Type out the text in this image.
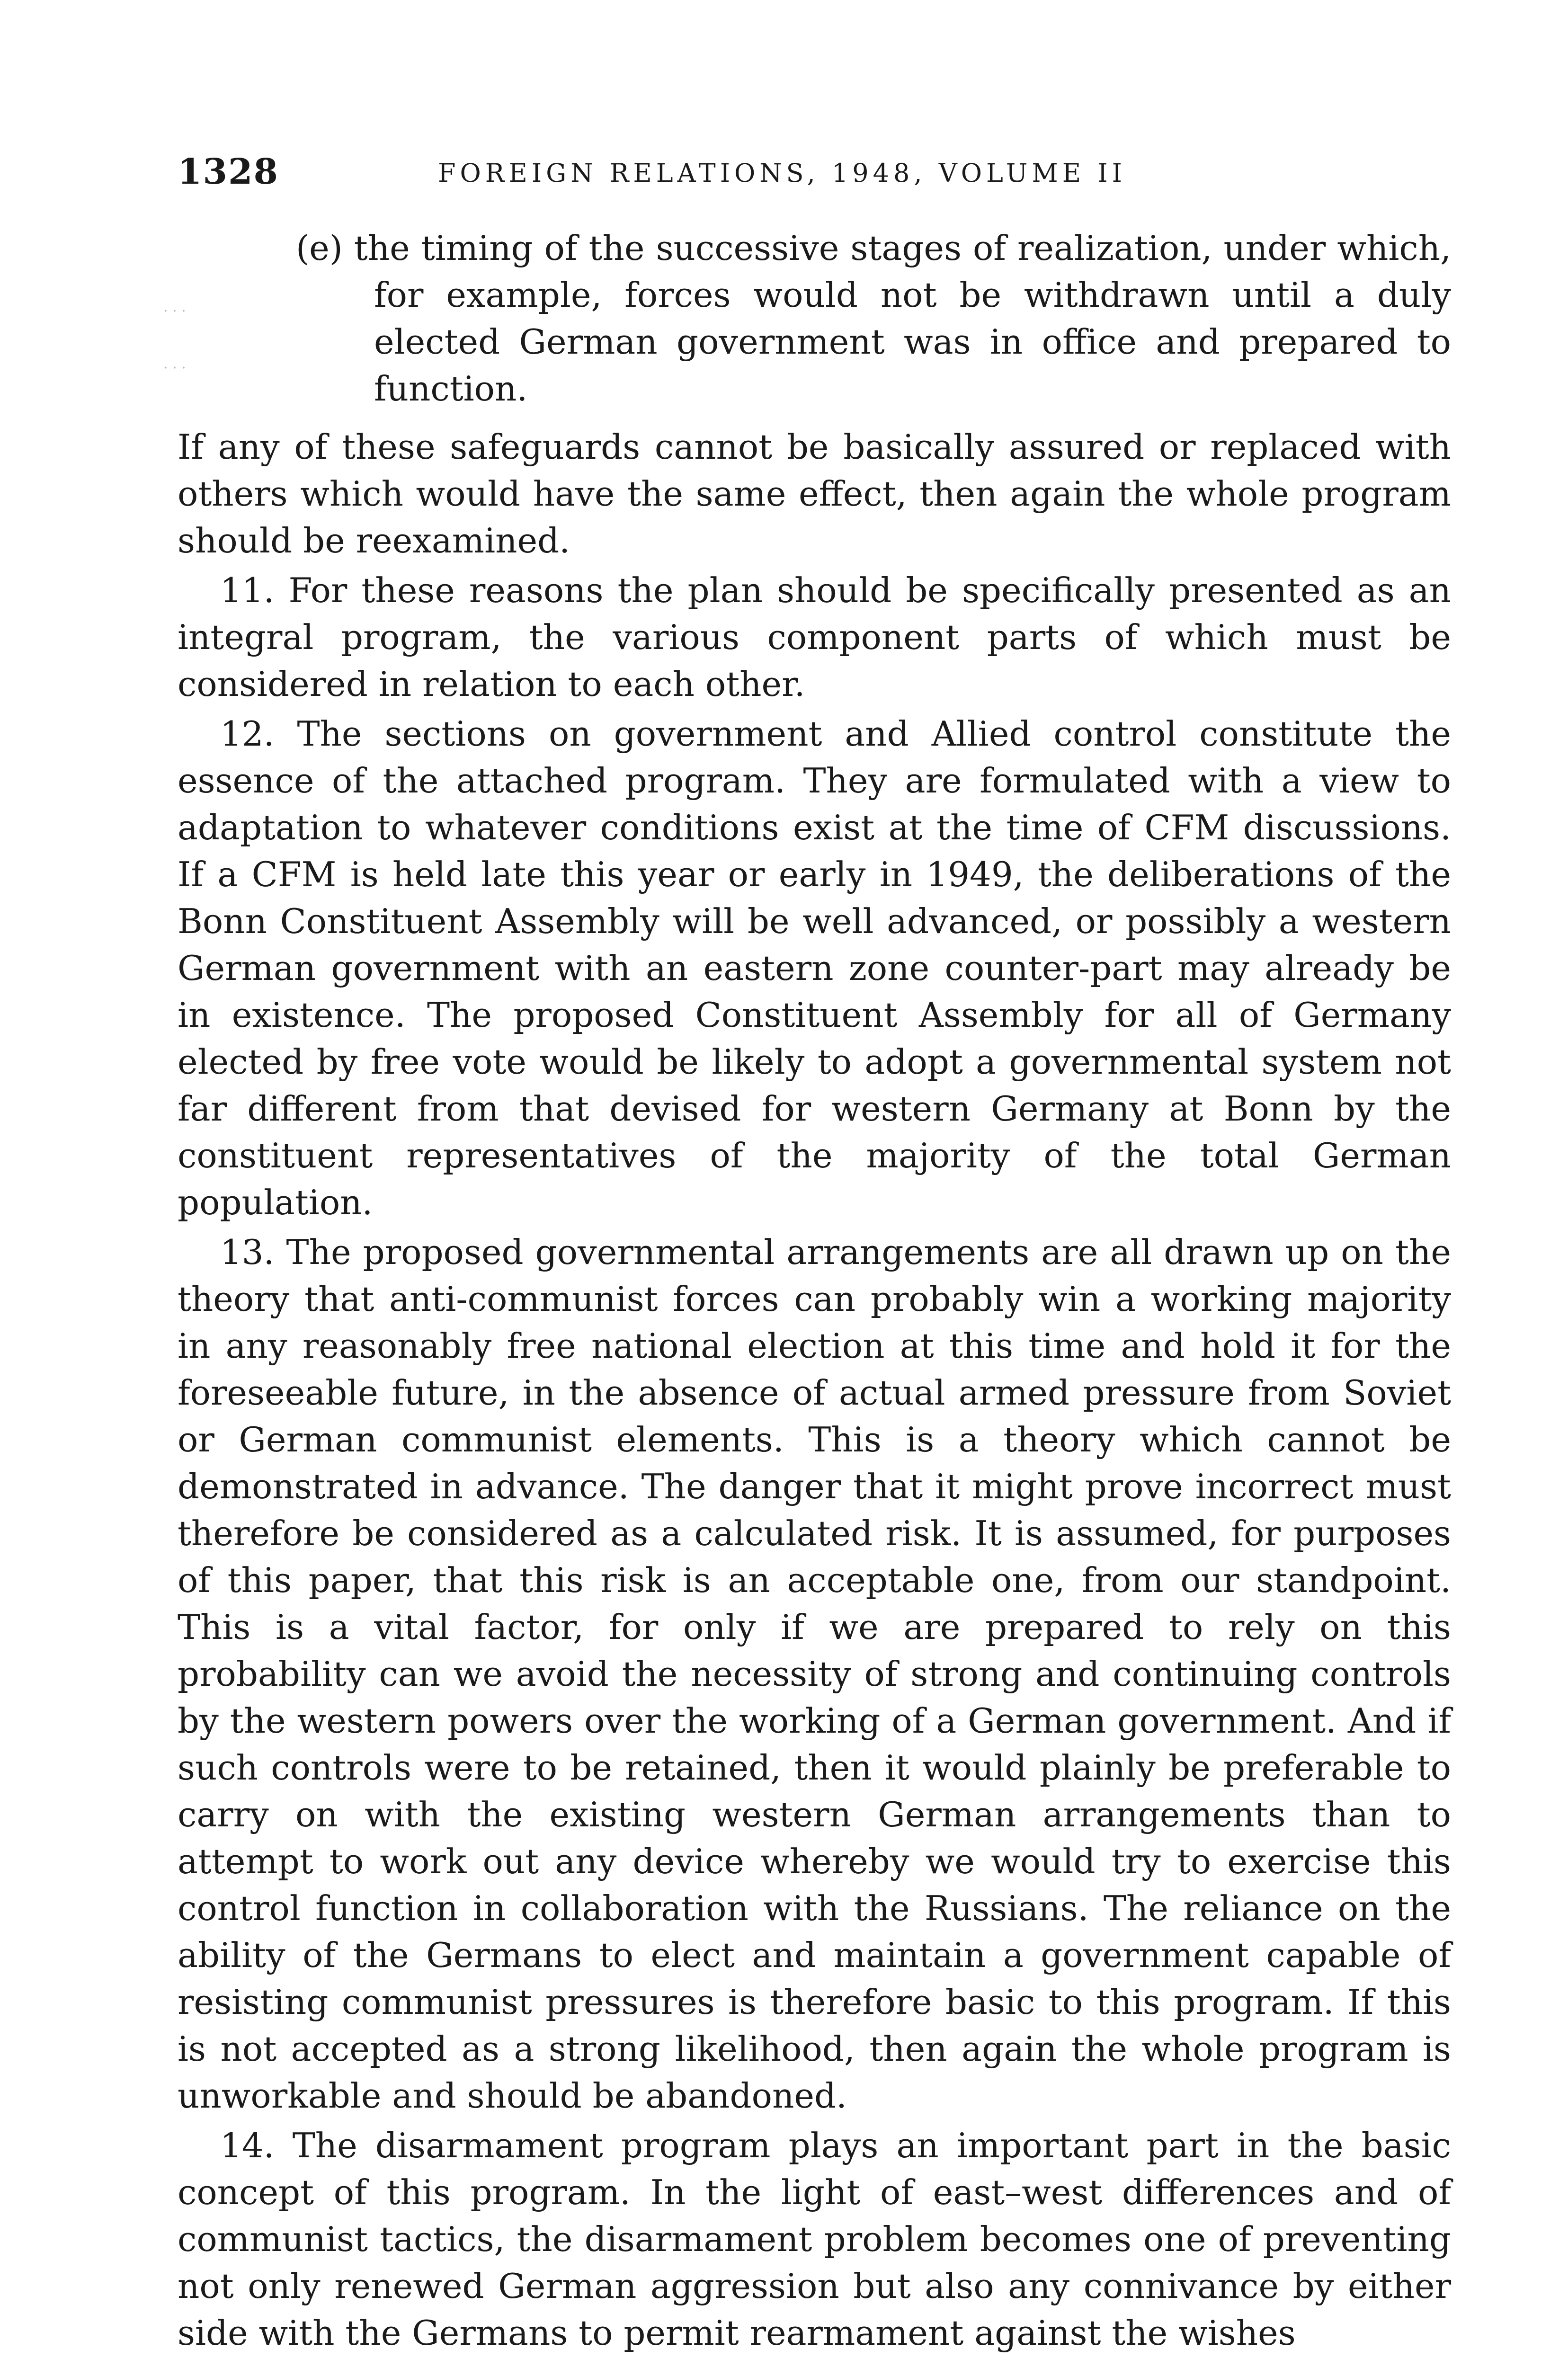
1328	FOREIGN RELATIONS, 1948, VOLUME II
· · ·
· · ·

(e) the timing of the successive stages of realization, under which, for example, forces would not be withdrawn until a duly elected German government was in office and prepared to function.

If any of these safeguards cannot be basically assured or replaced with others which would have the same effect, then again the whole program should be reexamined.

11. For these reasons the plan should be specifically presented as an integral program, the various component parts of which must be considered in relation to each other.

12. The sections on government and Allied control constitute the essence of the attached program. They are formulated with a view to adaptation to whatever conditions exist at the time of CFM discussions. If a CFM is held late this year or early in 1949, the deliberations of the Bonn Constituent Assembly will be well advanced, or possibly a western German government with an eastern zone counter-part may already be in existence. The proposed Constituent Assembly for all of Germany elected by free vote would be likely to adopt a governmental system not far different from that devised for western Germany at Bonn by the constituent representatives of the majority of the total German population.

13. The proposed governmental arrangements are all drawn up on the theory that anti-communist forces can probably win a working majority in any reasonably free national election at this time and hold it for the foreseeable future, in the absence of actual armed pressure from Soviet or German communist elements. This is a theory which cannot be demonstrated in advance. The danger that it might prove incorrect must therefore be considered as a calculated risk. It is assumed, for purposes of this paper, that this risk is an acceptable one, from our standpoint. This is a vital factor, for only if we are prepared to rely on this probability can we avoid the necessity of strong and continuing controls by the western powers over the working of a German government. And if such controls were to be retained, then it would plainly be preferable to carry on with the existing western German arrangements than to attempt to work out any device whereby we would try to exercise this control function in collaboration with the Russians. The reliance on the ability of the Germans to elect and maintain a government capable of resisting communist pressures is therefore basic to this program. If this is not accepted as a strong likelihood, then again the whole program is unworkable and should be abandoned.

14. The disarmament program plays an important part in the basic concept of this program. In the light of east–west differences and of communist tactics, the disarmament problem becomes one of preventing not only renewed German aggression but also any connivance by either side with the Germans to permit rearmament against the wishes
